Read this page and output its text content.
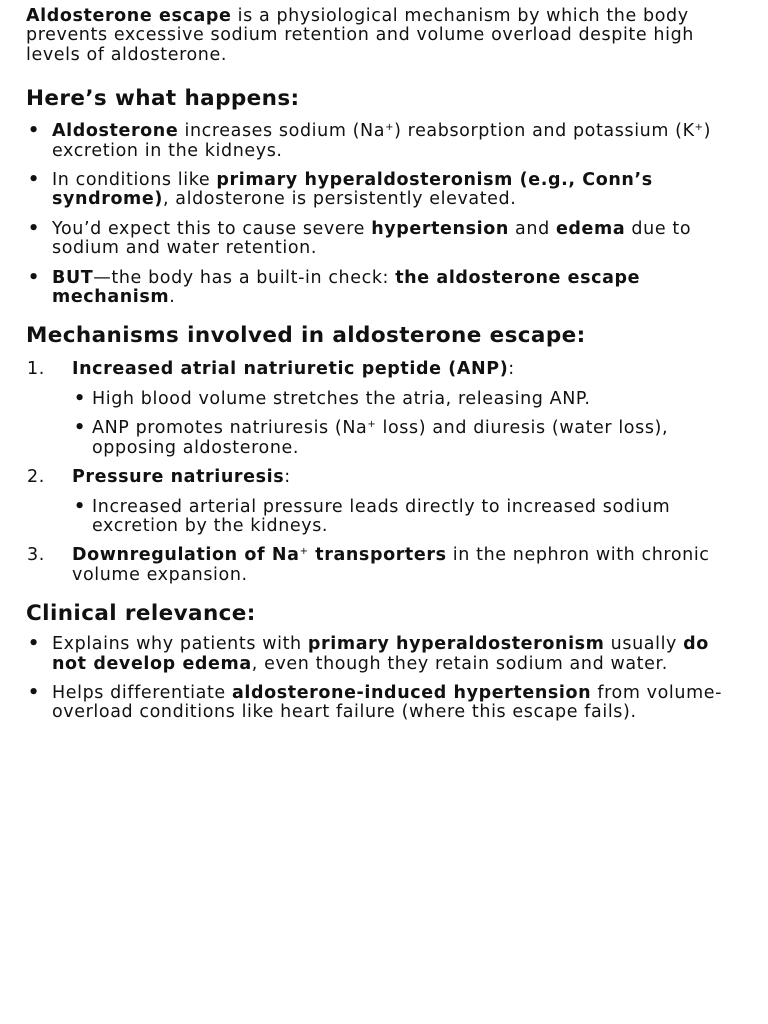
Aldosterone escape is a physiological mechanism by which the body prevents excessive sodium retention and volume overload despite high levels of aldosterone.

Here’s what happens:
• Aldosterone increases sodium (Na+) reabsorption and potassium (K+) excretion in the kidneys.
• In conditions like primary hyperaldosteronism (e.g., Conn’s syndrome), aldosterone is persistently elevated.
• You’d expect this to cause severe hypertension and edema due to sodium and water retention.
• BUT—the body has a built-in check: the aldosterone escape mechanism.
Mechanisms involved in aldosterone escape:
1. Increased atrial natriuretic peptide (ANP):
• High blood volume stretches the atria, releasing ANP.
• ANP promotes natriuresis (Na+ loss) and diuresis (water loss), opposing aldosterone.
2. Pressure natriuresis:
• Increased arterial pressure leads directly to increased sodium excretion by the kidneys.
3. Downregulation of Na+ transporters in the nephron with chronic volume expansion.
Clinical relevance:
• Explains why patients with primary hyperaldosteronism usually do not develop edema, even though they retain sodium and water.
• Helps differentiate aldosterone-induced hypertension from volume-overload conditions like heart failure (where this escape fails).
